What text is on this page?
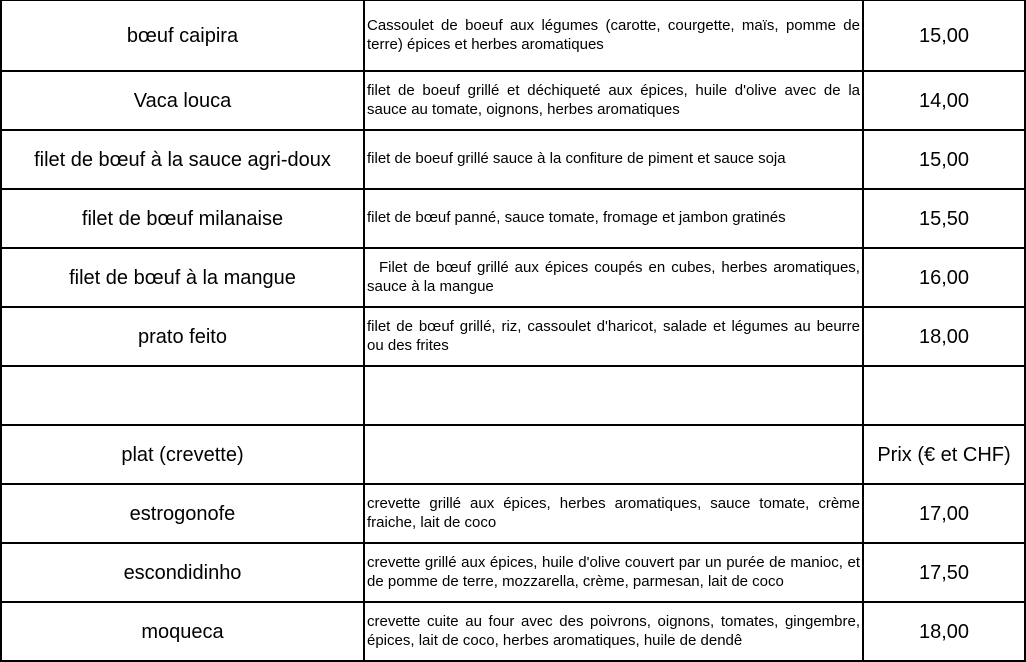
bœuf caipira	Cassoulet de boeuf aux légumes (carotte, courgette, maïs, pomme de terre) épices et herbes aromatiques	15,00
Vaca louca	filet de boeuf grillé et déchiqueté aux épices, huile d'olive avec de la sauce au tomate, oignons, herbes aromatiques	14,00
filet de bœuf à la sauce agri-doux	filet de boeuf grillé sauce à la confiture de piment et sauce soja	15,00
filet de bœuf milanaise	filet de bœuf panné, sauce tomate, fromage et jambon gratinés	15,50
filet de bœuf à la mangue	Filet de bœuf grillé aux épices coupés en cubes, herbes aromatiques, sauce à la mangue	16,00
prato feito	filet de bœuf grillé, riz, cassoulet d'haricot, salade et légumes au beurre ou des frites	18,00

plat (crevette)		Prix (€ et CHF)
estrogonofe	crevette grillé aux épices, herbes aromatiques, sauce tomate, crème fraiche, lait de coco	17,00
escondidinho	crevette grillé aux épices, huile d'olive couvert par un purée de manioc, et de pomme de terre, mozzarella, crème, parmesan, lait de coco	17,50
moqueca	crevette cuite au four avec des poivrons, oignons, tomates, gingembre, épices, lait de coco, herbes aromatiques, huile de dendê	18,00
